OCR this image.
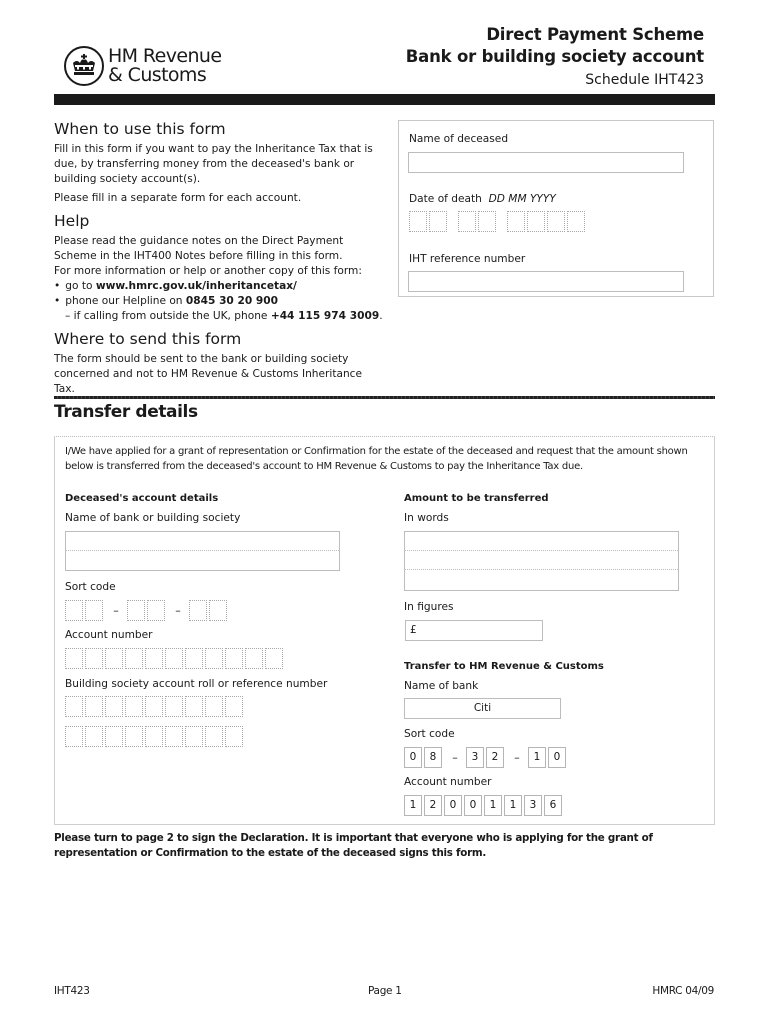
HM Revenue
& Customs
Direct Payment Scheme
Bank or building society account
Schedule IHT423
When to use this form

Fill in this form if you want to pay the Inheritance Tax that is due, by transferring money from the deceased's bank or building society account(s).

Please fill in a separate form for each account.

Help

Please read the guidance notes on the Direct Payment Scheme in the IHT400 Notes before filling in this form.

For more information or help or another copy of this form:

• go to www.hmrc.gov.uk/inheritancetax/
• phone our Helpline on 0845 30 20 900
– if calling from outside the UK, phone +44 115 974 3009.
Where to send this form

The form should be sent to the bank or building society concerned and not to HM Revenue & Customs Inheritance Tax.

Name of deceased
Date of death DD MM YYYY
IHT reference number
Transfer details
I/We have applied for a grant of representation or Confirmation for the estate of the deceased and request that the amount shown below is transferred from the deceased's account to HM Revenue & Customs to pay the Inheritance Tax due.
Deceased's account details
Name of bank or building society
Sort code
–	–
Account number
Building society account roll or reference number
Amount to be transferred
In words
In figures
£
Transfer to HM Revenue & Customs
Name of bank
Citi
Sort code
0 8 – 3 2 – 1 0
Account number
1 2 0 0 1 1 3 6
Please turn to page 2 to sign the Declaration. It is important that everyone who is applying for the grant of representation or Confirmation to the estate of the deceased signs this form.
IHT423	Page 1	HMRC 04/09
